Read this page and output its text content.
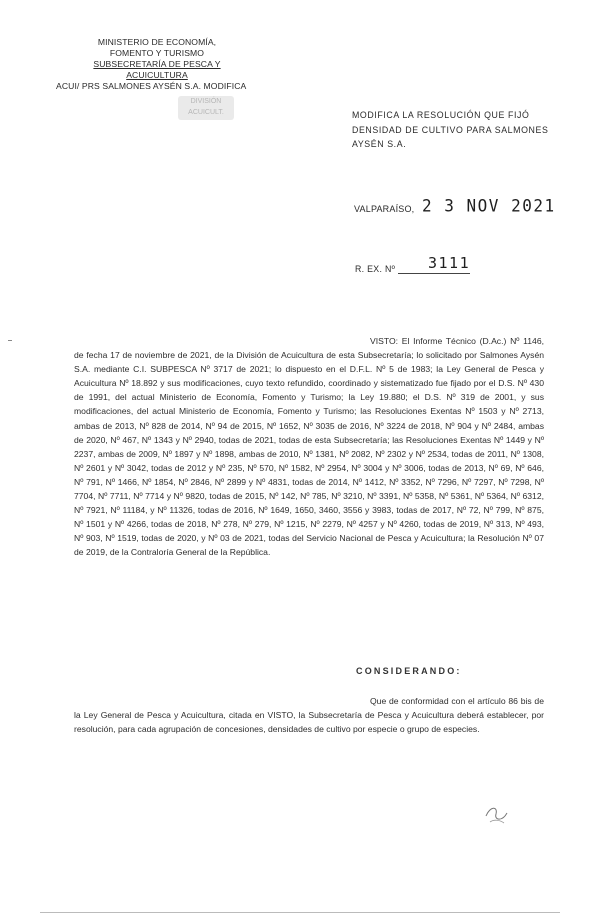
MINISTERIO DE ECONOMÍA,
FOMENTO Y TURISMO
SUBSECRETARÍA DE PESCA Y ACUICULTURA
ACUI/ PRS SALMONES AYSÉN S.A. MODIFICA
DIVISIÓN
ACUICULT.	MODIFICA LA RESOLUCIÓN QUE FIJÓ DENSIDAD DE CULTIVO PARA SALMONES AYSÉN S.A.
VALPARAÍSO, 2 3 NOV 2021
R. EX. Nº 3111
VISTO: El Informe Técnico (D.Ac.) Nº 1146, de fecha 17 de noviembre de 2021, de la División de Acuicultura de esta Subsecretaría; lo solicitado por Salmones Aysén S.A. mediante C.I. SUBPESCA Nº 3717 de 2021; lo dispuesto en el D.F.L. Nº 5 de 1983; la Ley General de Pesca y Acuicultura Nº 18.892 y sus modificaciones, cuyo texto refundido, coordinado y sistematizado fue fijado por el D.S. Nº 430 de 1991, del actual Ministerio de Economía, Fomento y Turismo; la Ley 19.880; el D.S. Nº 319 de 2001, y sus modificaciones, del actual Ministerio de Economía, Fomento y Turismo; las Resoluciones Exentas Nº 1503 y Nº 2713, ambas de 2013, Nº 828 de 2014, Nº 94 de 2015, Nº 1652, Nº 3035 de 2016, Nº 3224 de 2018, Nº 904 y Nº 2484, ambas de 2020, Nº 467, Nº 1343 y Nº 2940, todas de 2021, todas de esta Subsecretaría; las Resoluciones Exentas Nº 1449 y Nº 2237, ambas de 2009, Nº 1897 y Nº 1898, ambas de 2010, Nº 1381, Nº 2082, Nº 2302 y Nº 2534, todas de 2011, Nº 1308, Nº 2601 y Nº 3042, todas de 2012 y Nº 235, Nº 570, Nº 1582, Nº 2954, Nº 3004 y Nº 3006, todas de 2013, Nº 69, Nº 646, Nº 791, Nº 1466, Nº 1854, Nº 2846, Nº 2899 y Nº 4831, todas de 2014, Nº 1412, Nº 3352, Nº 7296, Nº 7297, Nº 7298, Nº 7704, Nº 7711, Nº 7714 y Nº 9820, todas de 2015, Nº 142, Nº 785, Nº 3210, Nº 3391, Nº 5358, Nº 5361, Nº 5364, Nº 6312, Nº 7921, Nº 11184, y Nº 11326, todas de 2016, Nº 1649, 1650, 3460, 3556 y 3983, todas de 2017, Nº 72, Nº 799, Nº 875, Nº 1501 y Nº 4266, todas de 2018, Nº 278, Nº 279, Nº 1215, Nº 2279, Nº 4257 y Nº 4260, todas de 2019, Nº 313, Nº 493, Nº 903, Nº 1519, todas de 2020, y Nº 03 de 2021, todas del Servicio Nacional de Pesca y Acuicultura; la Resolución Nº 07 de 2019, de la Contraloría General de la República.
CONSIDERANDO:
Que de conformidad con el artículo 86 bis de la Ley General de Pesca y Acuicultura, citada en VISTO, la Subsecretaría de Pesca y Acuicultura deberá establecer, por resolución, para cada agrupación de concesiones, densidades de cultivo por especie o grupo de especies.
